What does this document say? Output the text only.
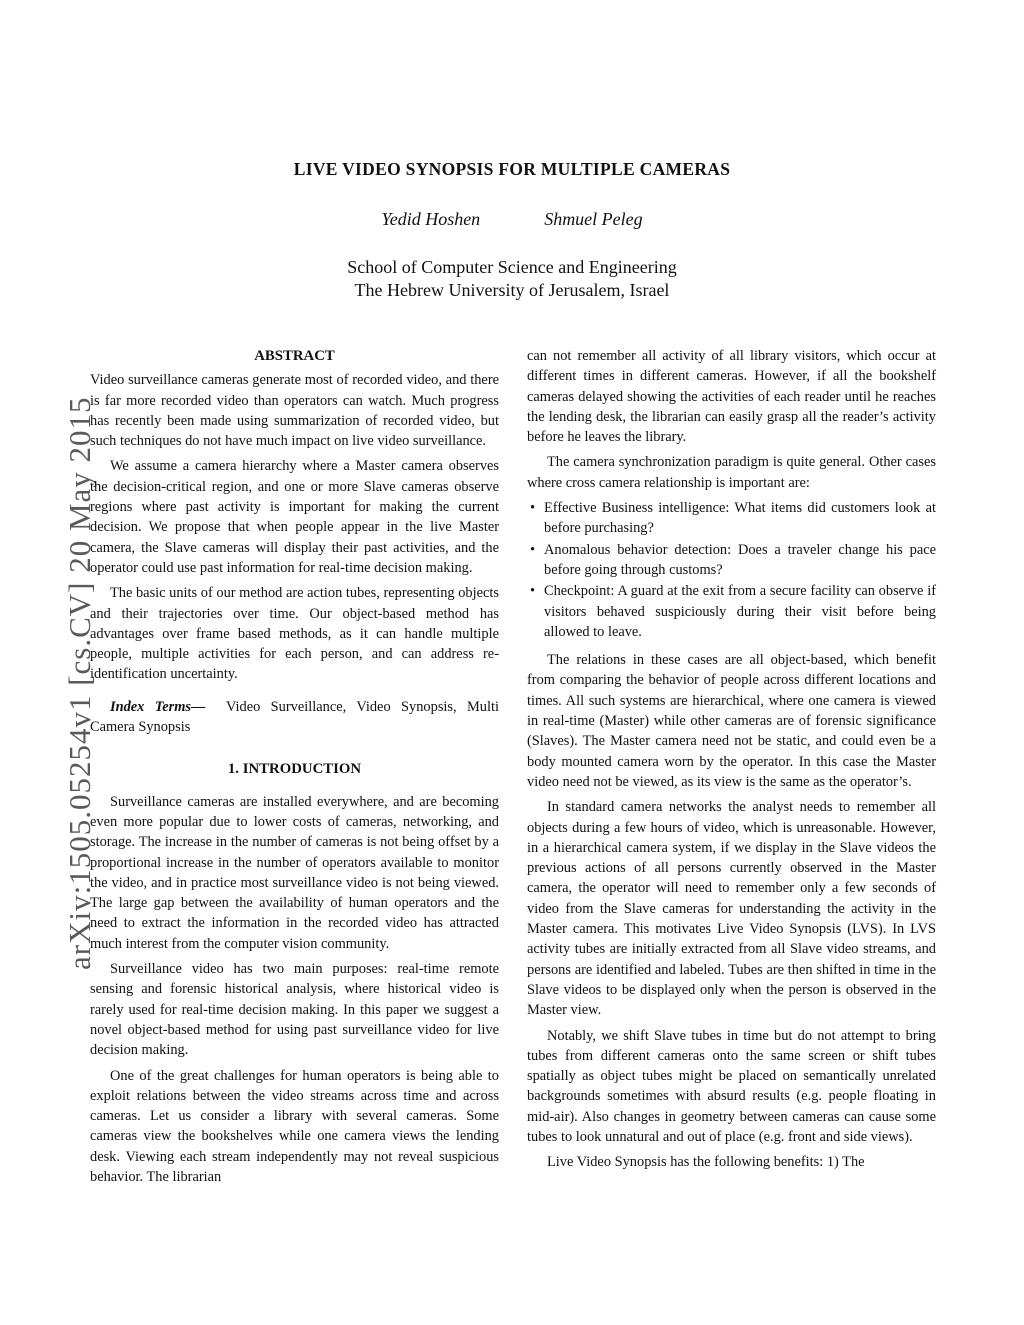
arXiv:1505.05254v1 [cs.CV] 20 May 2015
LIVE VIDEO SYNOPSIS FOR MULTIPLE CAMERAS
Yedid Hoshen	Shmuel Peleg
School of Computer Science and Engineering
The Hebrew University of Jerusalem, Israel
ABSTRACT

Video surveillance cameras generate most of recorded video, and there is far more recorded video than operators can watch. Much progress has recently been made using summarization of recorded video, but such techniques do not have much impact on live video surveillance.

We assume a camera hierarchy where a Master camera observes the decision-critical region, and one or more Slave cameras observe regions where past activity is important for making the current decision. We propose that when people appear in the live Master camera, the Slave cameras will display their past activities, and the operator could use past information for real-time decision making.

The basic units of our method are action tubes, representing objects and their trajectories over time. Our object-based method has advantages over frame based methods, as it can handle multiple people, multiple activities for each person, and can address re-identification uncertainty.

Index Terms— Video Surveillance, Video Synopsis, Multi Camera Synopsis

1. INTRODUCTION

Surveillance cameras are installed everywhere, and are becoming even more popular due to lower costs of cameras, networking, and storage. The increase in the number of cameras is not being offset by a proportional increase in the number of operators available to monitor the video, and in practice most surveillance video is not being viewed. The large gap between the availability of human operators and the need to extract the information in the recorded video has attracted much interest from the computer vision community.

Surveillance video has two main purposes: real-time remote sensing and forensic historical analysis, where historical video is rarely used for real-time decision making. In this paper we suggest a novel object-based method for using past surveillance video for live decision making.

One of the great challenges for human operators is being able to exploit relations between the video streams across time and across cameras. Let us consider a library with several cameras. Some cameras view the bookshelves while one camera views the lending desk. Viewing each stream independently may not reveal suspicious behavior. The librarian

can not remember all activity of all library visitors, which occur at different times in different cameras. However, if all the bookshelf cameras delayed showing the activities of each reader until he reaches the lending desk, the librarian can easily grasp all the reader’s activity before he leaves the library.

The camera synchronization paradigm is quite general. Other cases where cross camera relationship is important are:

• Effective Business intelligence: What items did customers look at before purchasing?
• Anomalous behavior detection: Does a traveler change his pace before going through customs?
• Checkpoint: A guard at the exit from a secure facility can observe if visitors behaved suspiciously during their visit before being allowed to leave.

The relations in these cases are all object-based, which benefit from comparing the behavior of people across different locations and times. All such systems are hierarchical, where one camera is viewed in real-time (Master) while other cameras are of forensic significance (Slaves). The Master camera need not be static, and could even be a body mounted camera worn by the operator. In this case the Master video need not be viewed, as its view is the same as the operator’s.

In standard camera networks the analyst needs to remember all objects during a few hours of video, which is unreasonable. However, in a hierarchical camera system, if we display in the Slave videos the previous actions of all persons currently observed in the Master camera, the operator will need to remember only a few seconds of video from the Slave cameras for understanding the activity in the Master camera. This motivates Live Video Synopsis (LVS). In LVS activity tubes are initially extracted from all Slave video streams, and persons are identified and labeled. Tubes are then shifted in time in the Slave videos to be displayed only when the person is observed in the Master view.

Notably, we shift Slave tubes in time but do not attempt to bring tubes from different cameras onto the same screen or shift tubes spatially as object tubes might be placed on semantically unrelated backgrounds sometimes with absurd results (e.g. people floating in mid-air). Also changes in geometry between cameras can cause some tubes to look unnatural and out of place (e.g. front and side views).

Live Video Synopsis has the following benefits: 1) The
